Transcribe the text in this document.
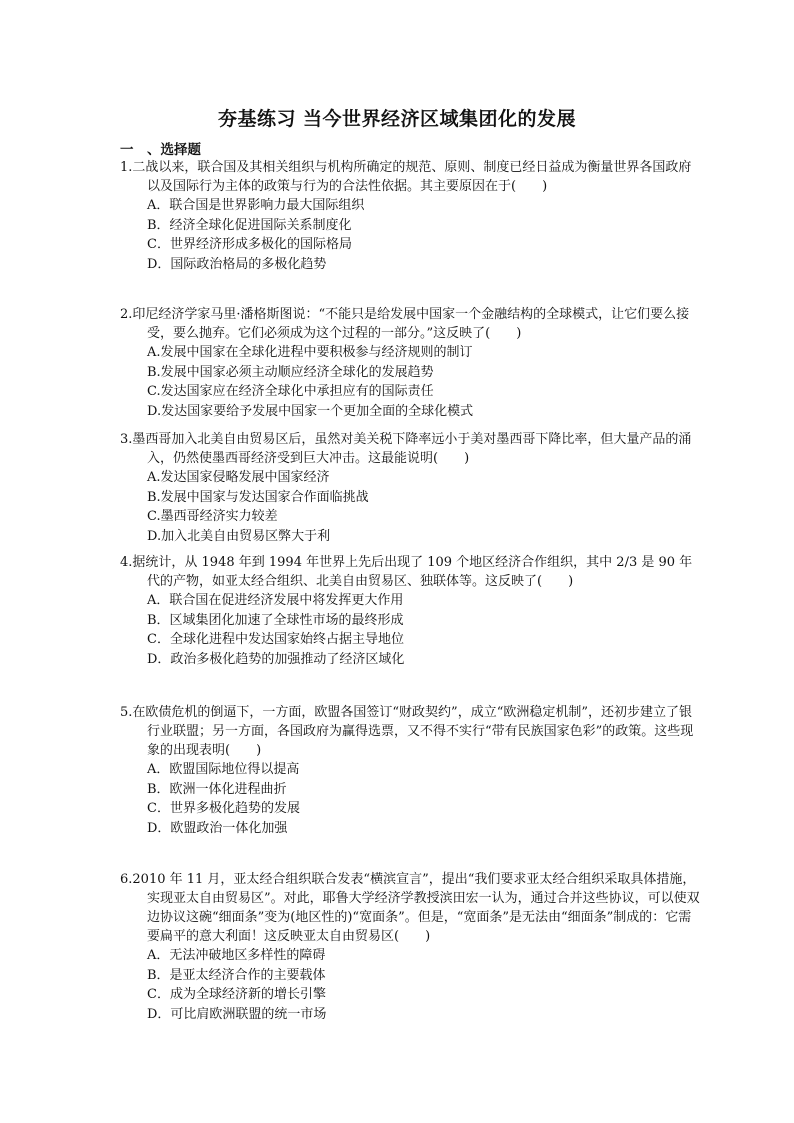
夯基练习 当今世界经济区域集团化的发展
一　、选择题
1.二战以来，联合国及其相关组织与机构所确定的规范、原则、制度已经日益成为衡量世界各国政府以及国际行为主体的政策与行为的合法性依据。其主要原因在于(　　)
A．联合国是世界影响力最大国际组织
B．经济全球化促进国际关系制度化
C．世界经济形成多极化的国际格局
D．国际政治格局的多极化趋势
2.印尼经济学家马里·潘格斯图说：“不能只是给发展中国家一个金融结构的全球模式，让它们要么接受，要么抛弃。它们必须成为这个过程的一部分。”这反映了(　　)
A.发展中国家在全球化进程中要积极参与经济规则的制订
B.发展中国家必须主动顺应经济全球化的发展趋势
C.发达国家应在经济全球化中承担应有的国际责任
D.发达国家要给予发展中国家一个更加全面的全球化模式
3.墨西哥加入北美自由贸易区后，虽然对美关税下降率远小于美对墨西哥下降比率，但大量产品的涌入，仍然使墨西哥经济受到巨大冲击。这最能说明(　　)
A.发达国家侵略发展中国家经济
B.发展中国家与发达国家合作面临挑战
C.墨西哥经济实力较差
D.加入北美自由贸易区弊大于利
4.据统计，从 1948 年到 1994 年世界上先后出现了 109 个地区经济合作组织，其中 2/3 是 90 年代的产物，如亚太经合组织、北美自由贸易区、独联体等。这反映了(　　)
A．联合国在促进经济发展中将发挥更大作用
B．区域集团化加速了全球性市场的最终形成
C．全球化进程中发达国家始终占据主导地位
D．政治多极化趋势的加强推动了经济区域化
5.在欧债危机的倒逼下，一方面，欧盟各国签订“财政契约”，成立“欧洲稳定机制”，还初步建立了银行业联盟；另一方面，各国政府为赢得选票，又不得不实行“带有民族国家色彩”的政策。这些现象的出现表明(　　)
A．欧盟国际地位得以提高
B．欧洲一体化进程曲折
C．世界多极化趋势的发展
D．欧盟政治一体化加强
6.2010 年 11 月，亚太经合组织联合发表“横滨宣言”，提出“我们要求亚太经合组织采取具体措施，实现亚太自由贸易区”。对此，耶鲁大学经济学教授滨田宏一认为，通过合并这些协议，可以使双边协议这碗“细面条”变为(地区性的)“宽面条”。但是，“宽面条”是无法由“细面条”制成的：它需要扁平的意大利面！这反映亚太自由贸易区(　　)
A．无法冲破地区多样性的障碍
B．是亚太经济合作的主要载体
C．成为全球经济新的增长引擎
D．可比肩欧洲联盟的统一市场
